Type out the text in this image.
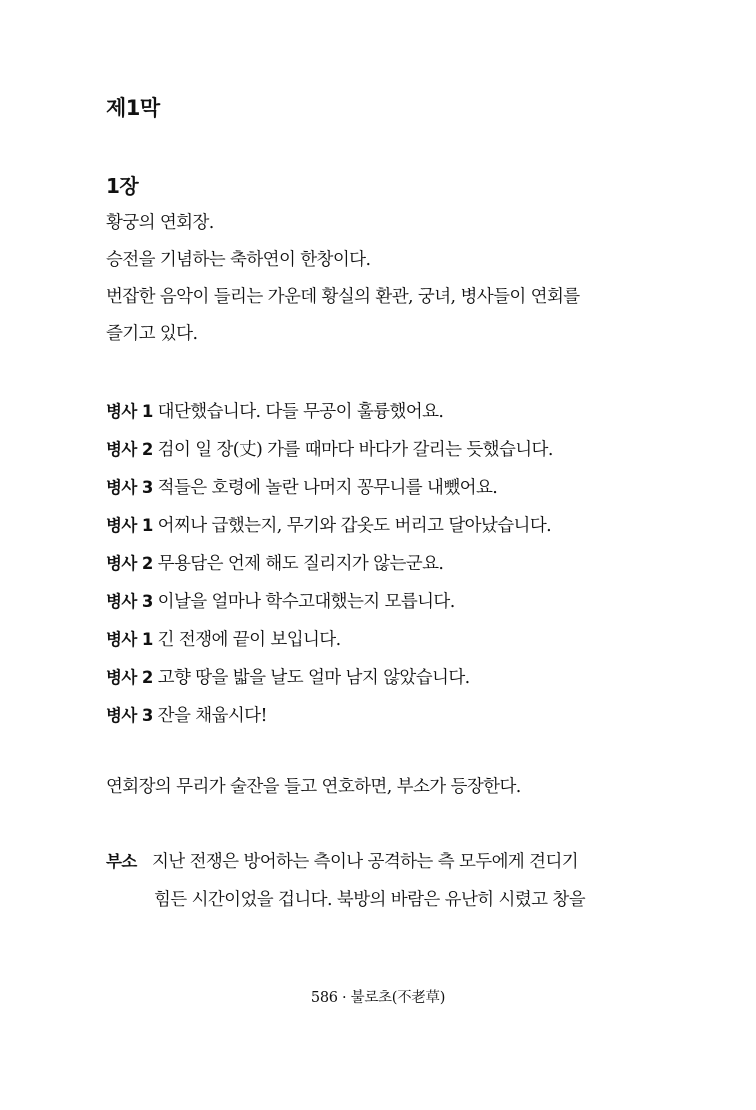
제1막
1장
황궁의 연회장.
승전을 기념하는 축하연이 한창이다.
번잡한 음악이 들리는 가운데 황실의 환관, 궁녀, 병사들이 연회를
즐기고 있다.
병사 1 대단했습니다. 다들 무공이 훌륭했어요.
병사 2 검이 일 장(丈) 가를 때마다 바다가 갈리는 듯했습니다.
병사 3 적들은 호령에 놀란 나머지 꽁무니를 내뺐어요.
병사 1 어찌나 급했는지, 무기와 갑옷도 버리고 달아났습니다.
병사 2 무용담은 언제 해도 질리지가 않는군요.
병사 3 이날을 얼마나 학수고대했는지 모릅니다.
병사 1 긴 전쟁에 끝이 보입니다.
병사 2 고향 땅을 밟을 날도 얼마 남지 않았습니다.
병사 3 잔을 채웁시다!
연회장의 무리가 술잔을 들고 연호하면, 부소가 등장한다.
부소 지난 전쟁은 방어하는 측이나 공격하는 측 모두에게 견디기
힘든 시간이었을 겁니다. 북방의 바람은 유난히 시렸고 창을
586 · 불로초(不老草)
